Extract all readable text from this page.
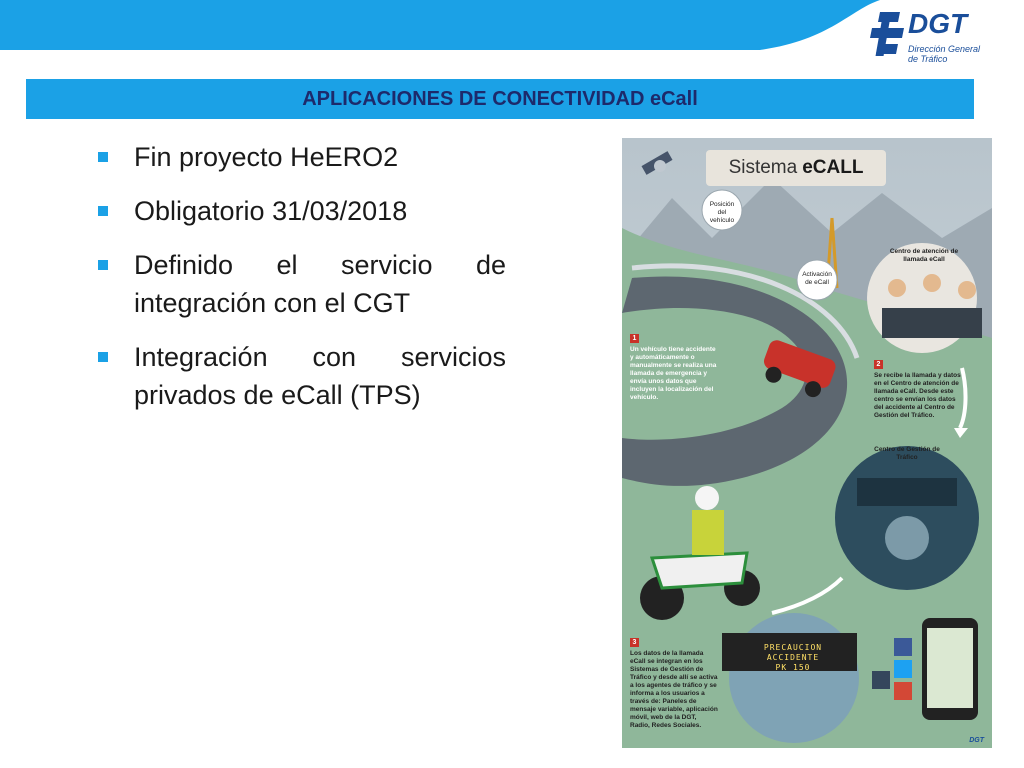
DGT
Dirección General
de Tráfico
APLICACIONES DE CONECTIVIDAD eCall
Fin proyecto HeERO2
Obligatorio 31/03/2018
Definido el servicio de integración con el CGT
Integración con servicios privados de eCall (TPS)
Sistema eCALL
Posición del vehículo
Activación de eCall
Centro de atención de llamada eCall
1
Un vehículo tiene accidente y automáticamente o manualmente se realiza una llamada de emergencia y envía unos datos que incluyen la localización del vehículo.
2
Se recibe la llamada y datos en el Centro de atención de llamada eCall. Desde este centro se envían los datos del accidente al Centro de Gestión del Tráfico.
Centro de Gestión de Tráfico
PRECAUCION
ACCIDENTE
PK 150
3
Los datos de la llamada eCall se integran en los Sistemas de Gestión de Tráfico y desde allí se activa a los agentes de tráfico y se informa a los usuarios a través de: Paneles de mensaje variable, aplicación móvil, web de la DGT, Radio, Redes Sociales.
DGT
